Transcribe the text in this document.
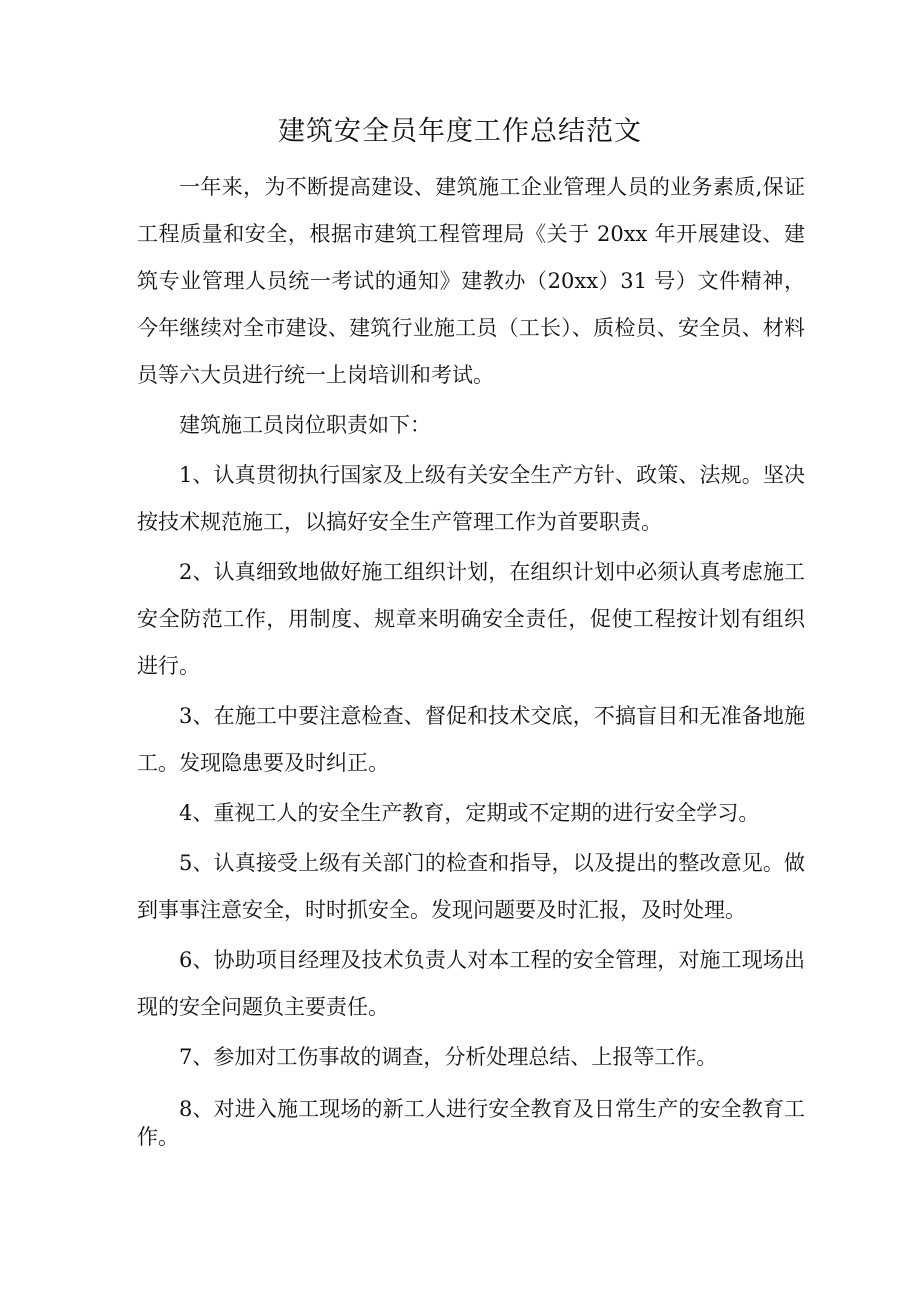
建筑安全员年度工作总结范文

一年来，为不断提高建设、建筑施工企业管理人员的业务素质,保证工程质量和安全，根据市建筑工程管理局《关于 20xx 年开展建设、建筑专业管理人员统一考试的通知》建教办（20xx）31 号）文件精神，今年继续对全市建设、建筑行业施工员（工长）、质检员、安全员、材料员等六大员进行统一上岗培训和考试。

建筑施工员岗位职责如下：

1、认真贯彻执行国家及上级有关安全生产方针、政策、法规。坚决按技术规范施工，以搞好安全生产管理工作为首要职责。

2、认真细致地做好施工组织计划，在组织计划中必须认真考虑施工安全防范工作，用制度、规章来明确安全责任，促使工程按计划有组织进行。

3、在施工中要注意检查、督促和技术交底，不搞盲目和无准备地施工。发现隐患要及时纠正。

4、重视工人的安全生产教育，定期或不定期的进行安全学习。

5、认真接受上级有关部门的检查和指导，以及提出的整改意见。做到事事注意安全，时时抓安全。发现问题要及时汇报，及时处理。

6、协助项目经理及技术负责人对本工程的安全管理，对施工现场出现的安全问题负主要责任。

7、参加对工伤事故的调查，分析处理总结、上报等工作。

8、对进入施工现场的新工人进行安全教育及日常生产的安全教育工作。
